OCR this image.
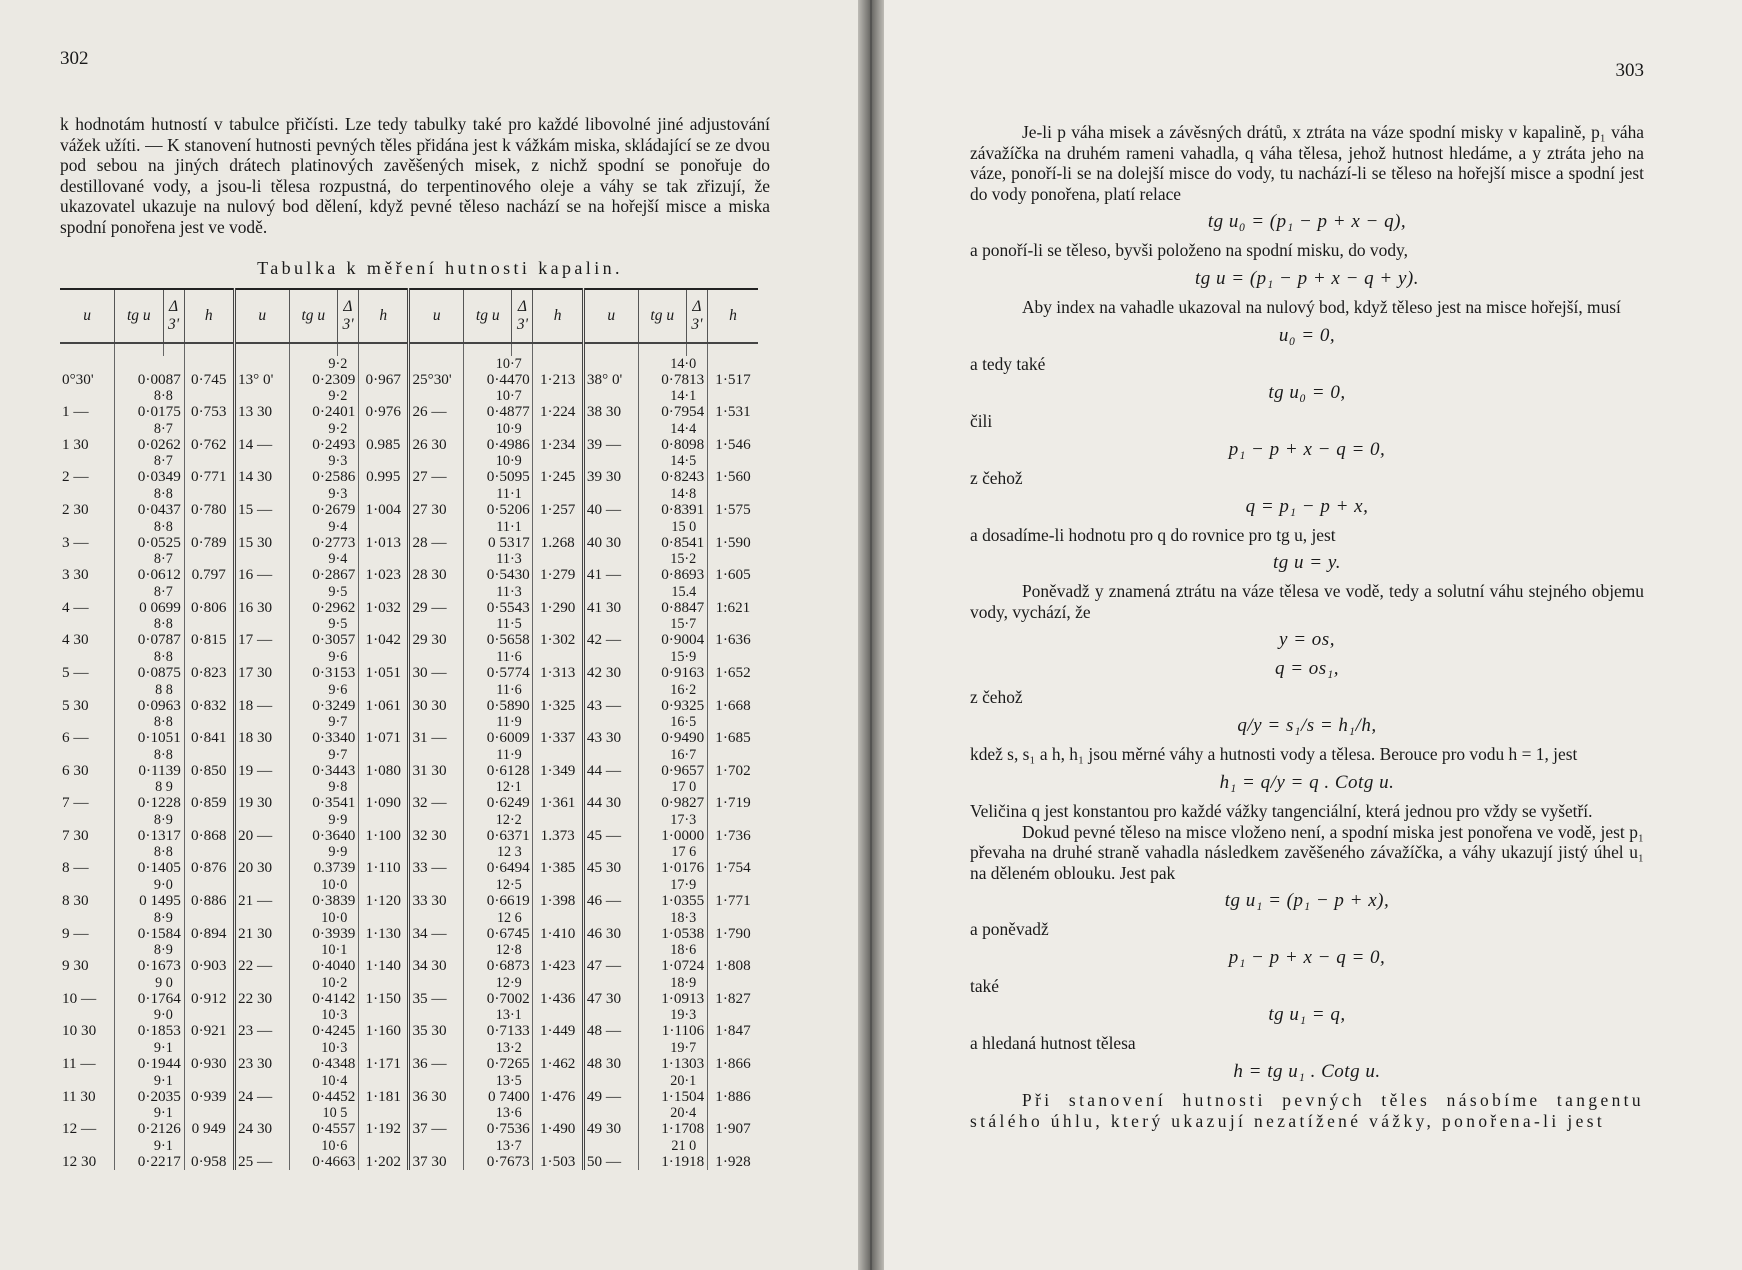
302
k hodnotám hutností v tabulce přičísti. Lze tedy tabulky také pro každé libovolné jiné adjustování vážek užíti. — K stanovení hutnosti pevných těles přidána jest k vážkám miska, skládající se ze dvou pod sebou na jiných drátech platinových zavěšených misek, z nichž spodní se ponořuje do destillované vody, a jsou-li tělesa rozpustná, do terpentinového oleje a váhy se tak zřizují, že ukazovatel ukazuje na nulový bod dělení, když pevné těleso nachází se na hořejší misce a miska spodní ponořena jest ve vodě.
Tabulka k měření hutnosti kapalin.
u	tg u	Δ 3'	h	u	tg u	Δ 3'	h	u	tg u	Δ 3'	h	u	tg u	Δ 3'	h

					9·2				10·7				14·0		
0°30'	0·0087		0·745	13° 0'	0·2309		0·967	25°30'	0·4470		1·213	38° 0'	0·7813		1·517
	8·8				9·2				10·7				14·1		
1 —	0·0175		0·753	13 30	0·2401		0·976	26 —	0·4877		1·224	38 30	0·7954		1·531
	8·7				9·2				10·9				14·4		
1 30	0·0262		0·762	14 —	0·2493		0.985	26 30	0·4986		1·234	39 —	0·8098		1·546
	8·7				9·3				10·9				14·5		
2 —	0·0349		0·771	14 30	0·2586		0.995	27 —	0·5095		1·245	39 30	0·8243		1·560
	8·8				9·3				11·1				14·8		
2 30	0·0437		0·780	15 —	0·2679		1·004	27 30	0·5206		1·257	40 —	0·8391		1·575
	8·8				9·4				11·1				15 0		
3 —	0·0525		0·789	15 30	0·2773		1·013	28 —	0 5317		1.268	40 30	0·8541		1·590
	8·7				9·4				11·3				15·2		
3 30	0·0612		0.797	16 —	0·2867		1·023	28 30	0·5430		1·279	41 —	0·8693		1·605
	8·7				9·5				11·3				15.4		
4 —	0 0699		0·806	16 30	0·2962		1·032	29 —	0·5543		1·290	41 30	0·8847		1:621
	8·8				9·5				11·5				15·7		
4 30	0·0787		0·815	17 —	0·3057		1·042	29 30	0·5658		1·302	42 —	0·9004		1·636
	8·8				9·6				11·6				15·9		
5 —	0·0875		0·823	17 30	0·3153		1·051	30 —	0·5774		1·313	42 30	0·9163		1·652
	8 8				9·6				11·6				16·2		
5 30	0·0963		0·832	18 —	0·3249		1·061	30 30	0·5890		1·325	43 —	0·9325		1·668
	8·8				9·7				11·9				16·5		
6 —	0·1051		0·841	18 30	0·3340		1·071	31 —	0·6009		1·337	43 30	0·9490		1·685
	8·8				9·7				11·9				16·7		
6 30	0·1139		0·850	19 —	0·3443		1·080	31 30	0·6128		1·349	44 —	0·9657		1·702
	8 9				9·8				12·1				17 0		
7 —	0·1228		0·859	19 30	0·3541		1·090	32 —	0·6249		1·361	44 30	0·9827		1·719
	8·9				9·9				12·2				17·3		
7 30	0·1317		0·868	20 —	0·3640		1·100	32 30	0·6371		1.373	45 —	1·0000		1·736
	8·8				9·9				12 3				17 6		
8 —	0·1405		0·876	20 30	0.3739		1·110	33 —	0·6494		1·385	45 30	1·0176		1·754
	9·0				10·0				12·5				17·9		
8 30	0 1495		0·886	21 —	0·3839		1·120	33 30	0·6619		1·398	46 —	1·0355		1·771
	8·9				10·0				12 6				18·3		
9 —	0·1584		0·894	21 30	0·3939		1·130	34 —	0·6745		1·410	46 30	1·0538		1·790
	8·9				10·1				12·8				18·6		
9 30	0·1673		0·903	22 —	0·4040		1·140	34 30	0·6873		1·423	47 —	1·0724		1·808
	9 0				10·2				12·9				18·9		
10 —	0·1764		0·912	22 30	0·4142		1·150	35 —	0·7002		1·436	47 30	1·0913		1·827
	9·0				10·3				13·1				19·3		
10 30	0·1853		0·921	23 —	0·4245		1·160	35 30	0·7133		1·449	48 —	1·1106		1·847
	9·1				10·3				13·2				19·7		
11 —	0·1944		0·930	23 30	0·4348		1·171	36 —	0·7265		1·462	48 30	1·1303		1·866
	9·1				10·4				13·5				20·1		
11 30	0·2035		0·939	24 —	0·4452		1·181	36 30	0 7400		1·476	49 —	1·1504		1·886
	9·1				10 5				13·6				20·4		
12 —	0·2126		0 949	24 30	0·4557		1·192	37 —	0·7536		1·490	49 30	1·1708		1·907
	9·1				10·6				13·7				21 0		
12 30	0·2217		0·958	25 —	0·4663		1·202	37 30	0·7673		1·503	50 —	1·1918		1·928
303
Je-li p váha misek a závěsných drátů, x ztráta na váze spodní misky v kapalině, p₁ váha závažíčka na druhém rameni vahadla, q váha tělesa, jehož hutnost hledáme, a y ztráta jeho na váze, ponoří-li se na dolejší misce do vody, tu nachází-li se těleso na hořejší misce a spodní jest do vody ponořena, platí relace
tg u₀ = (p₁ − p + x − q),
a ponoří-li se těleso, byvši položeno na spodní misku, do vody,
tg u = (p₁ − p + x − q + y).
Aby index na vahadle ukazoval na nulový bod, když těleso jest na misce hořejší, musí
u₀ = 0,
a tedy také
tg u₀ = 0,
čili
p₁ − p + x − q = 0,
z čehož
q = p₁ − p + x,
a dosadíme-li hodnotu pro q do rovnice pro tg u, jest
tg u = y.
Poněvadž y znamená ztrátu na váze tělesa ve vodě, tedy a solutní váhu stejného objemu vody, vychází, že
y = os,
q = os₁,
z čehož
q/y = s₁/s = h₁/h,
kdež s, s₁ a h, h₁ jsou měrné váhy a hutnosti vody a tělesa. Berouce pro vodu h = 1, jest
h₁ = q/y = q . Cotg u.
Veličina q jest konstantou pro každé vážky tangenciální, která jednou pro vždy se vyšetří.
Dokud pevné těleso na misce vloženo není, a spodní miska jest ponořena ve vodě, jest p₁ převaha na druhé straně vahadla následkem zavěšeného závažíčka, a váhy ukazují jistý úhel u₁ na děleném oblouku. Jest pak
tg u₁ = (p₁ − p + x),
a poněvadž
p₁ − p + x − q = 0,
také
tg u₁ = q,
a hledaná hutnost tělesa
h = tg u₁ . Cotg u.
Při stanovení hutnosti pevných těles násobíme tangentu stálého úhlu, který ukazují nezatížené vážky, ponořena-li jest
